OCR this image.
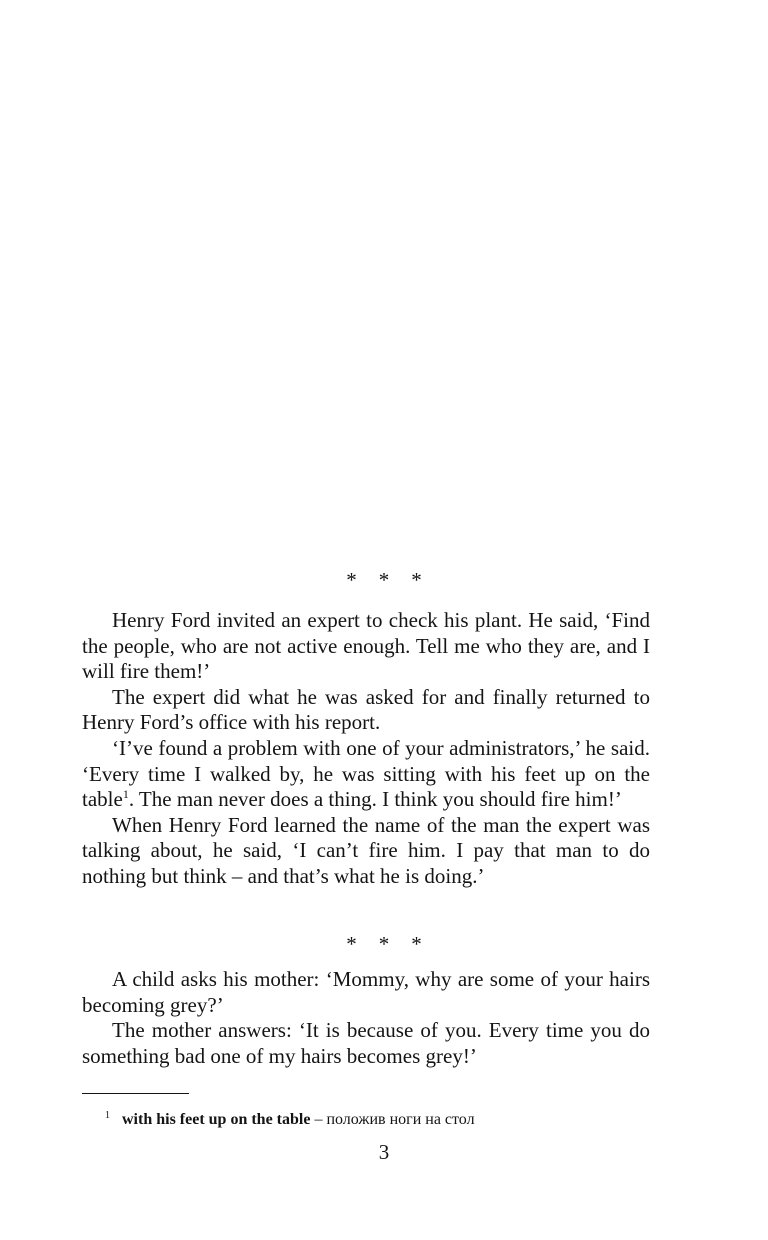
***

Henry Ford invited an expert to check his plant. He said, ‘Find the people, who are not active enough. Tell me who they are, and I will fire them!’

The expert did what he was asked for and finally returned to Henry Ford’s office with his report.

‘I’ve found a problem with one of your administrators,’ he said. ‘Every time I walked by, he was sitting with his feet up on the table$^1$. The man never does a thing. I think you should fire him!’

When Henry Ford learned the name of the man the expert was talking about, he said, ‘I can’t fire him. I pay that man to do nothing but think – and that’s what he is doing.’

***

A child asks his mother: ‘Mommy, why are some of your hairs becoming grey?’

The mother answers: ‘It is because of you. Every time you do something bad one of my hairs becomes grey!’

$^1$ with his feet up on the table – положив ноги на стол
3
